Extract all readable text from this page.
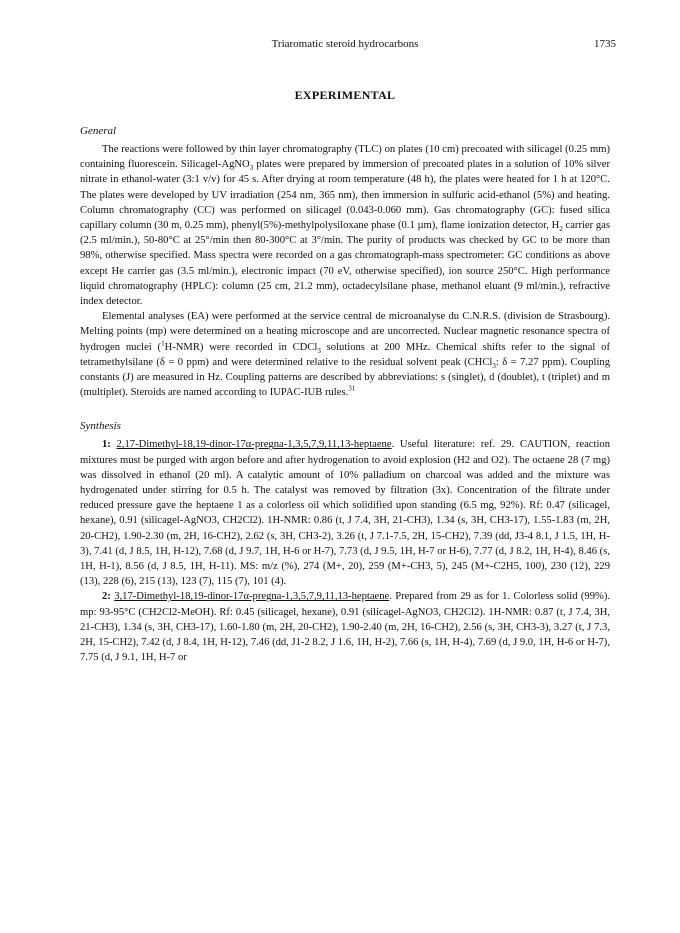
Triaromatic steroid hydrocarbons	1735
EXPERIMENTAL
General

The reactions were followed by thin layer chromatography (TLC) on plates (10 cm) precoated with silicagel (0.25 mm) containing fluorescein. Silicagel-AgNO$_3$ plates were prepared by immersion of precoated plates in a solution of 10% silver nitrate in ethanol-water (3:1 v/v) for 45 s. After drying at room temperature (48 h), the plates were heated for 1 h at 120°C. The plates were developed by UV irradiation (254 nm, 365 nm), then immersion in sulfuric acid-ethanol (5%) and heating. Column chromatography (CC) was performed on silicagel (0.043-0.060 mm). Gas chromatography (GC): fused silica capillary column (30 m, 0.25 mm), phenyl(5%)-methylpolysiloxane phase (0.1 µm), flame ionization detector, $H_2$ carrier gas (2.5 ml/min.), 50-80°C at 25°/min then 80-300°C at 3°/min. The purity of products was checked by GC to be more than 98%, otherwise specified. Mass spectra were recorded on a gas chromatograph-mass spectrometer: GC conditions as above except He carrier gas (3.5 ml/min.), electronic impact (70 eV, otherwise specified), ion source 250°C. High performance liquid chromatography (HPLC): column (25 cm, 21.2 mm), octadecylsilane phase, methanol eluant (9 ml/min.), refractive index detector.

Elemental analyses (EA) were performed at the service central de microanalyse du C.N.R.S. (division de Strasbourg). Melting points (mp) were determined on a heating microscope and are uncorrected. Nuclear magnetic resonance spectra of hydrogen nuclei ($^1$H-NMR) were recorded in CDCl$_3$ solutions at 200 MHz. Chemical shifts refer to the signal of tetramethylsilane (δ = 0 ppm) and were determined relative to the residual solvent peak (CHCl$_3$: δ = 7.27 ppm). Coupling constants (J) are measured in Hz. Coupling patterns are described by abbreviations: s (singlet), d (doublet), t (triplet) and m (multiplet). Steroids are named according to IUPAC-IUB rules.$^{31}$

Synthesis

1: 2,17-Dimethyl-18,19-dinor-17α-pregna-1,3,5,7,9,11,13-heptaene. Useful literature: ref. 29. CAUTION, reaction mixtures must be purged with argon before and after hydrogenation to avoid explosion (H2 and O2). The octaene 28 (7 mg) was dissolved in ethanol (20 ml). A catalytic amount of 10% palladium on charcoal was added and the mixture was hydrogenated under stirring for 0.5 h. The catalyst was removed by filtration (3x). Concentration of the filtrate under reduced pressure gave the heptaene 1 as a colorless oil which solidified upon standing (6.5 mg, 92%). Rf: 0.47 (silicagel, hexane), 0.91 (silicagel-AgNO3, CH2Cl2). 1H-NMR: 0.86 (t, J 7.4, 3H, 21-CH3), 1.34 (s, 3H, CH3-17), 1.55-1.83 (m, 2H, 20-CH2), 1.90-2.30 (m, 2H, 16-CH2), 2.62 (s, 3H, CH3-2), 3.26 (t, J 7.1-7.5, 2H, 15-CH2), 7.39 (dd, J3-4 8.1, J 1.5, 1H, H-3), 7.41 (d, J 8.5, 1H, H-12), 7.68 (d, J 9.7, 1H, H-6 or H-7), 7.73 (d, J 9.5, 1H, H-7 or H-6), 7.77 (d, J 8.2, 1H, H-4), 8.46 (s, 1H, H-1), 8.56 (d, J 8.5, 1H, H-11). MS: m/z (%), 274 (M+, 20), 259 (M+-CH3, 5), 245 (M+-C2H5, 100), 230 (12), 229 (13), 228 (6), 215 (13), 123 (7), 115 (7), 101 (4).

2: 3,17-Dimethyl-18,19-dinor-17α-pregna-1,3,5,7,9,11,13-heptaene. Prepared from 29 as for 1. Colorless solid (99%). mp: 93-95°C (CH2Cl2-MeOH). Rf: 0.45 (silicagel, hexane), 0.91 (silicagel-AgNO3, CH2Cl2). 1H-NMR: 0.87 (t, J 7.4, 3H, 21-CH3), 1.34 (s, 3H, CH3-17), 1.60-1.80 (m, 2H, 20-CH2), 1.90-2.40 (m, 2H, 16-CH2), 2.56 (s, 3H, CH3-3), 3.27 (t, J 7.3, 2H, 15-CH2), 7.42 (d, J 8.4, 1H, H-12), 7.46 (dd, J1-2 8.2, J 1.6, 1H, H-2), 7.66 (s, 1H, H-4), 7.69 (d, J 9.0, 1H, H-6 or H-7), 7.75 (d, J 9.1, 1H, H-7 or
